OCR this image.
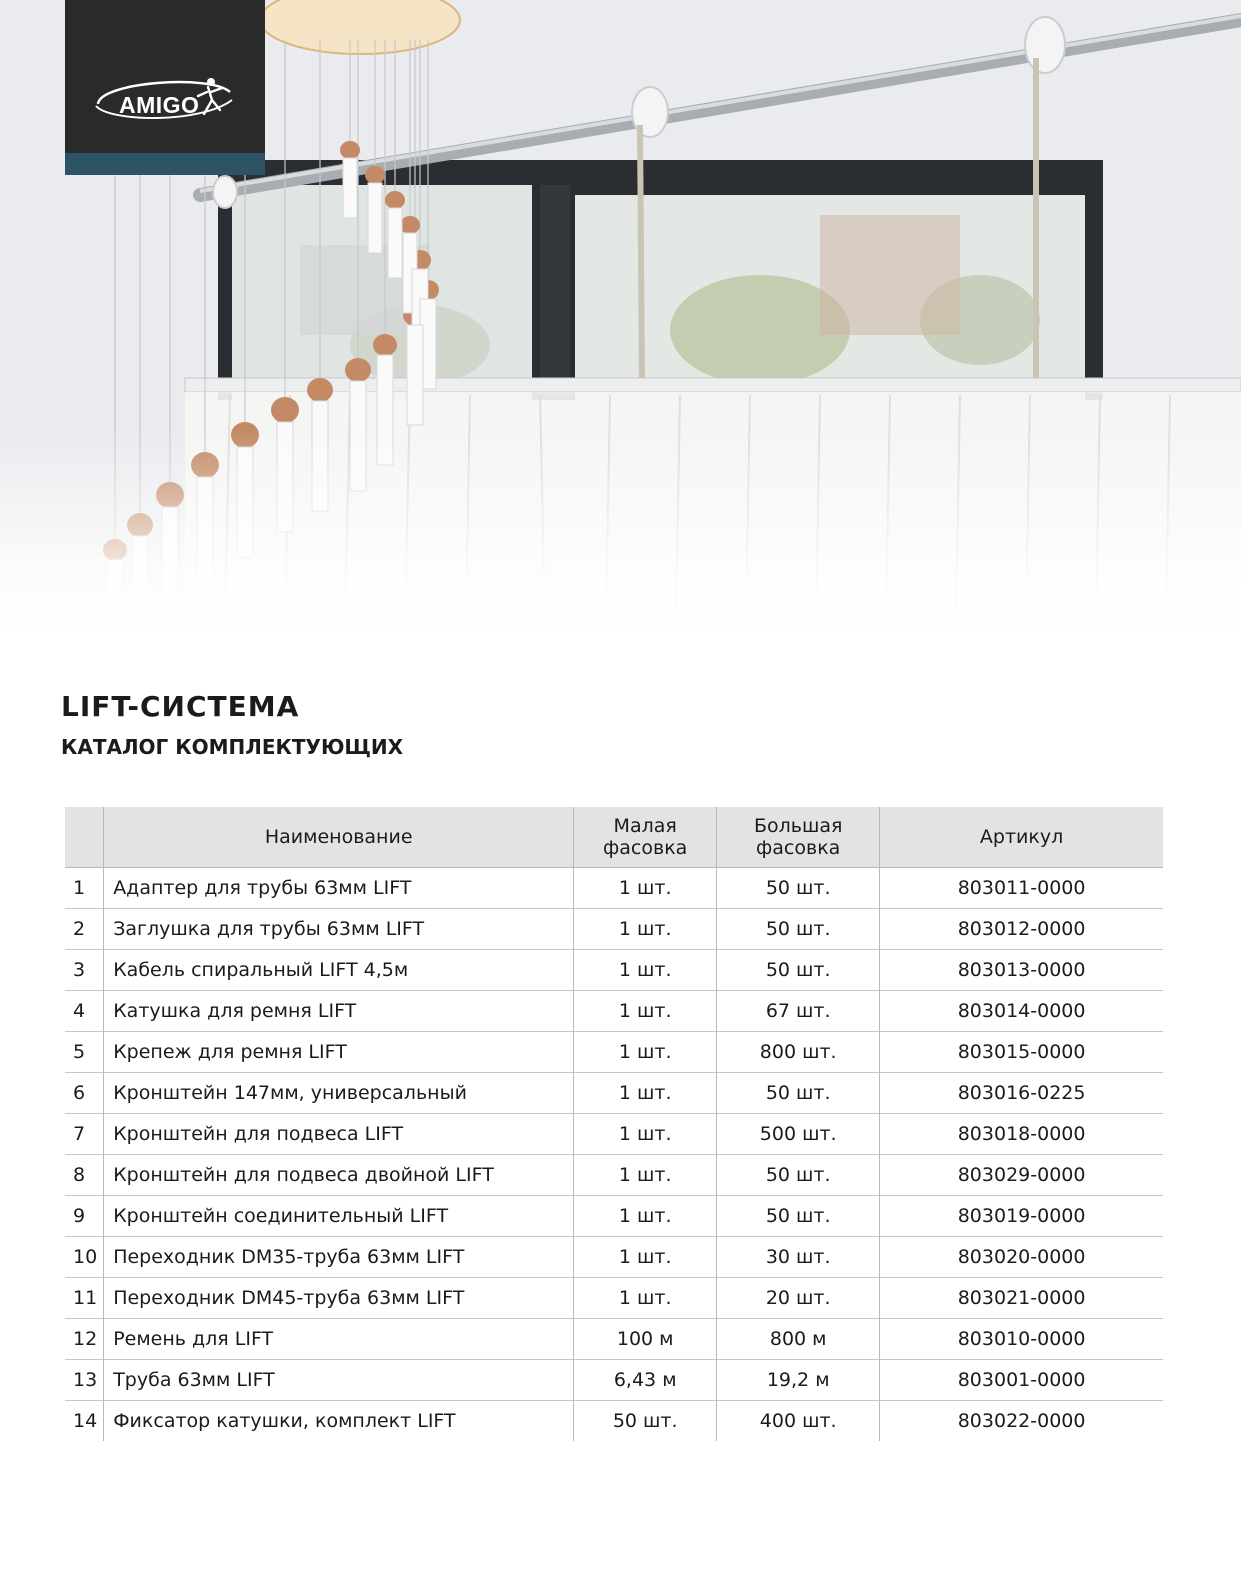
AMIGO
LIFT-СИСТЕМА
КАТАЛОГ КОМПЛЕКТУЮЩИХ
	Наименование	Малая фасовка	Большая фасовка	Артикул
1	Адаптер для трубы 63мм LIFT	1 шт.	50 шт.	803011-0000
2	Заглушка для трубы 63мм LIFT	1 шт.	50 шт.	803012-0000
3	Кабель спиральный LIFT 4,5м	1 шт.	50 шт.	803013-0000
4	Катушка для ремня LIFT	1 шт.	67 шт.	803014-0000
5	Крепеж для ремня LIFT	1 шт.	800 шт.	803015-0000
6	Кронштейн 147мм, универсальный	1 шт.	50 шт.	803016-0225
7	Кронштейн для подвеса LIFT	1 шт.	500 шт.	803018-0000
8	Кронштейн для подвеса двойной LIFT	1 шт.	50 шт.	803029-0000
9	Кронштейн соединительный LIFT	1 шт.	50 шт.	803019-0000
10	Переходник DM35-труба 63мм LIFT	1 шт.	30 шт.	803020-0000
11	Переходник DM45-труба 63мм LIFT	1 шт.	20 шт.	803021-0000
12	Ремень для LIFT	100 м	800 м	803010-0000
13	Труба 63мм LIFT	6,43 м	19,2 м	803001-0000
14	Фиксатор катушки, комплект LIFT	50 шт.	400 шт.	803022-0000
